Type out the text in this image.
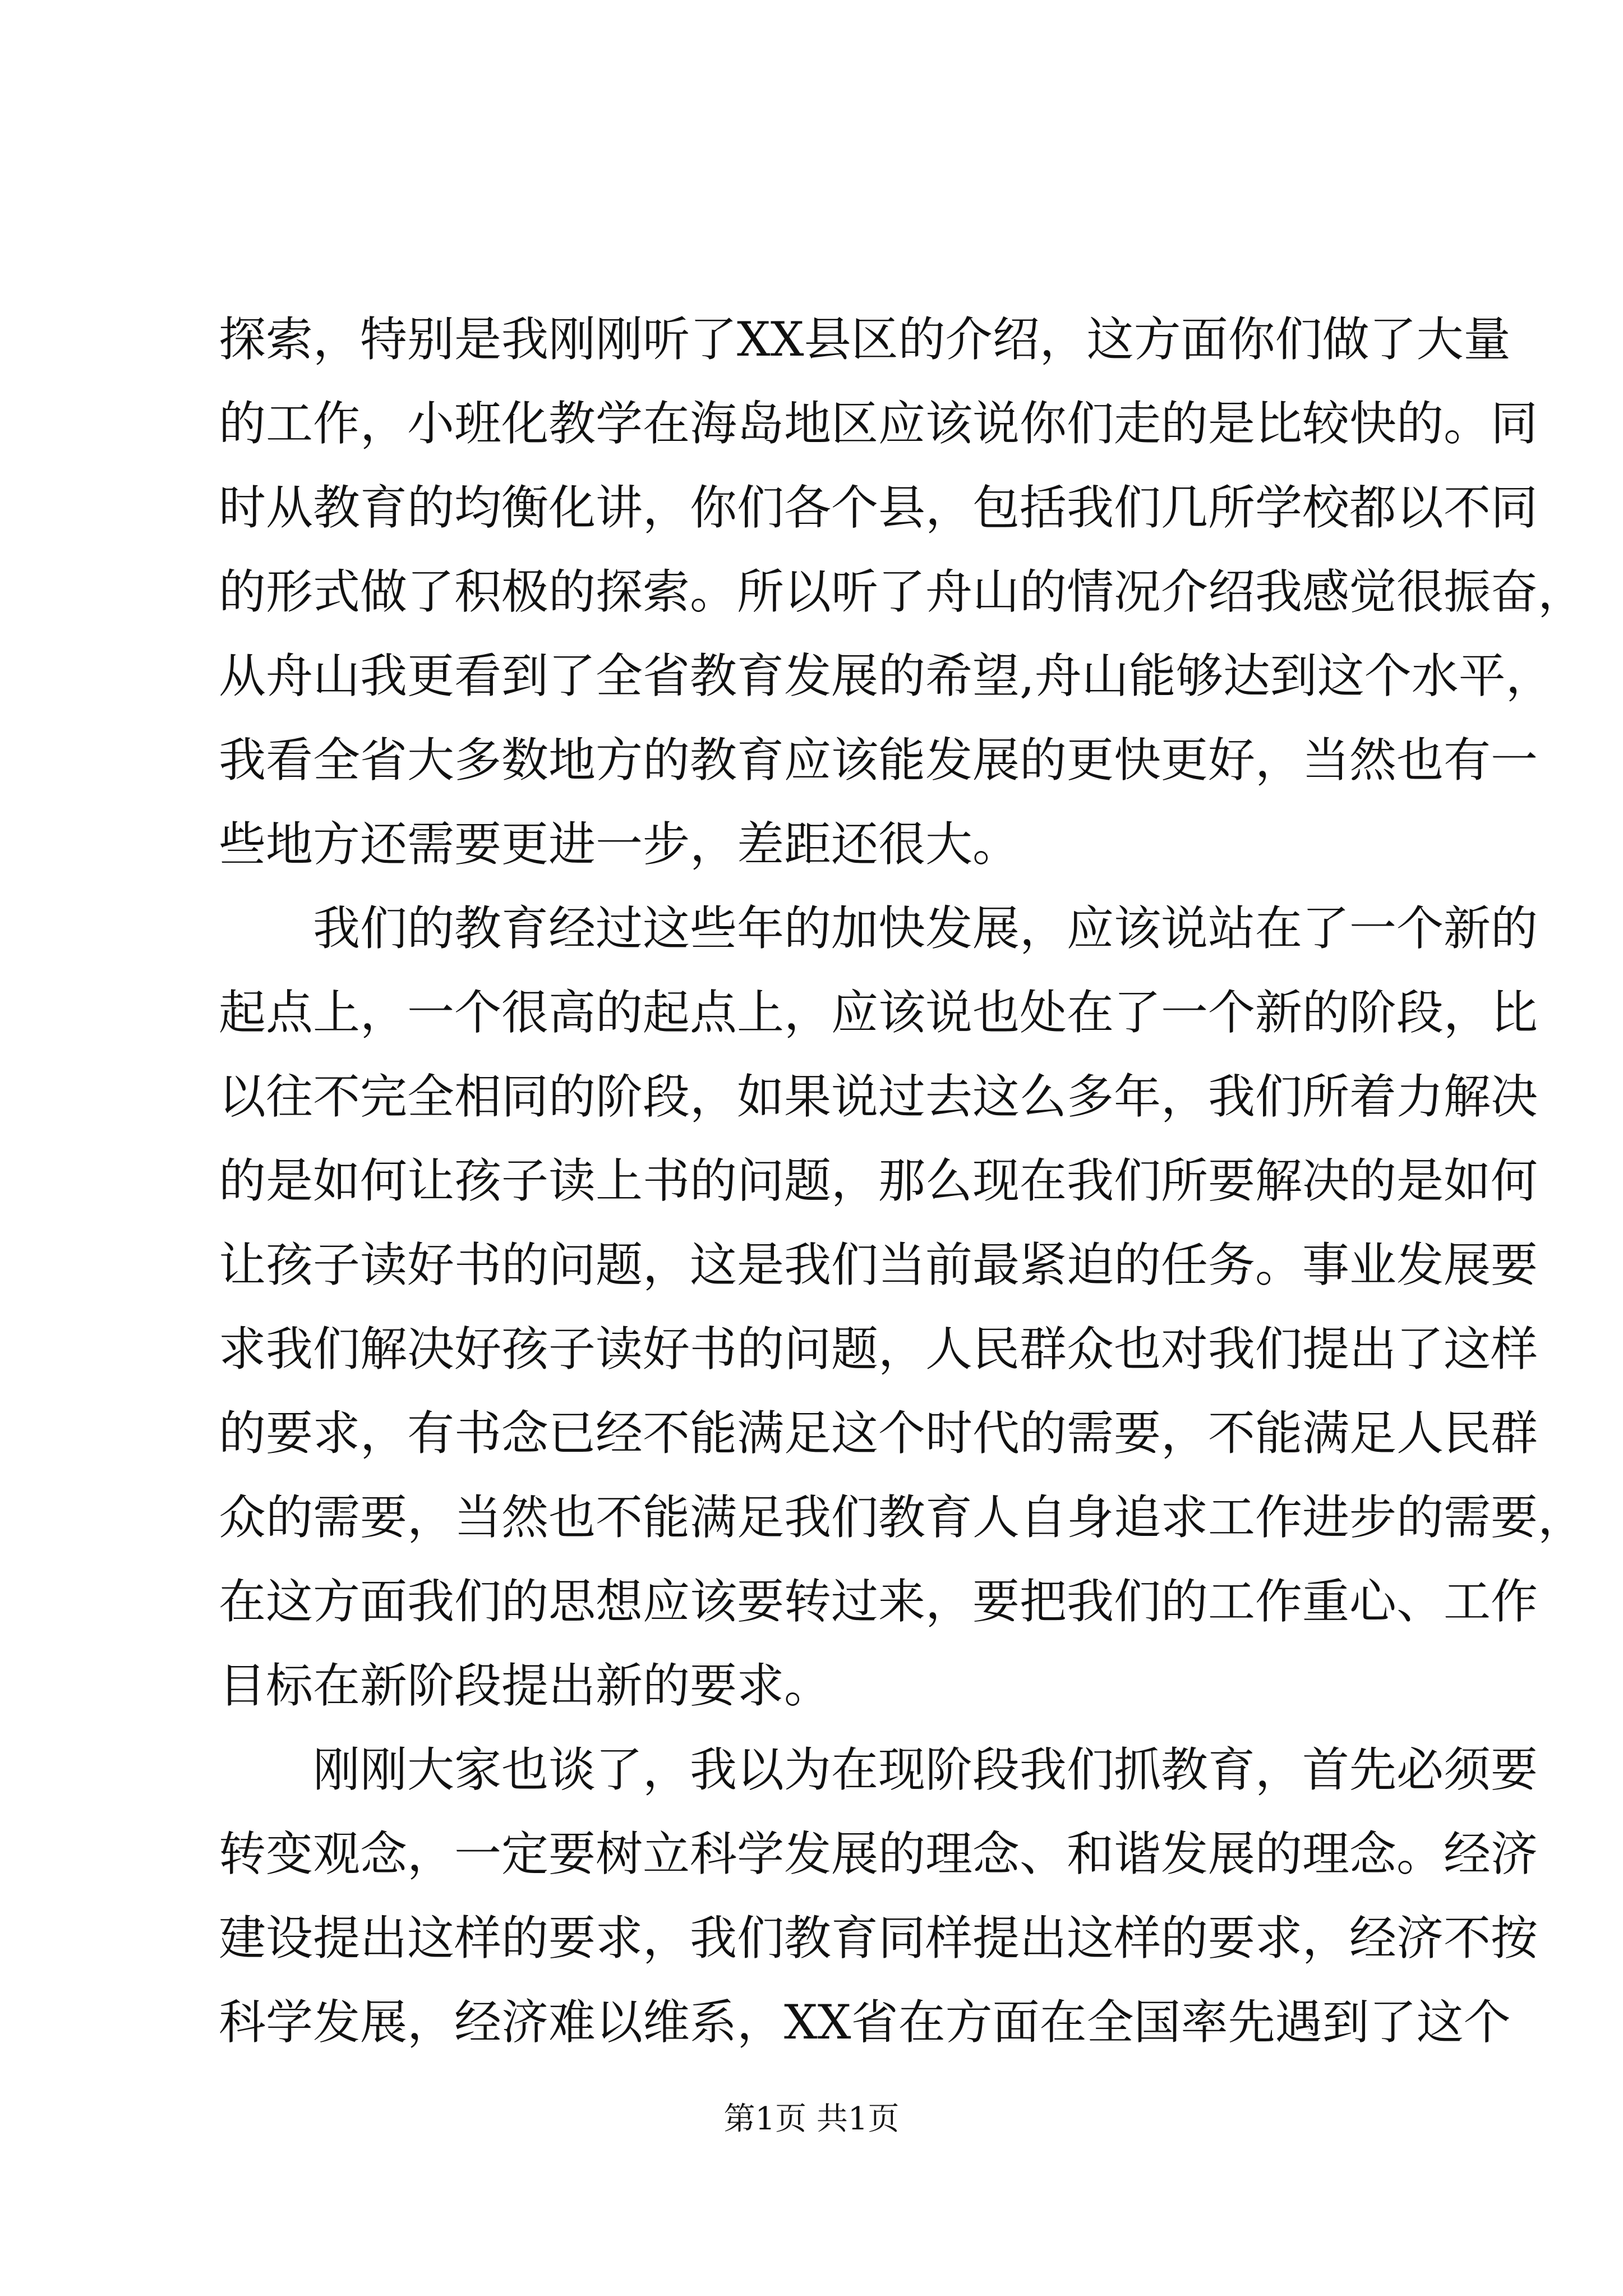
探索，特别是我刚刚听了XX县区的介绍，这方面你们做了大量
的工作，小班化教学在海岛地区应该说你们走的是比较快的。同
时从教育的均衡化讲，你们各个县，包括我们几所学校都以不同
的形式做了积极的探索。所以听了舟山的情况介绍我感觉很振奋，
从舟山我更看到了全省教育发展的希望,舟山能够达到这个水平，
我看全省大多数地方的教育应该能发展的更快更好，当然也有一
些地方还需要更进一步，差距还很大。
我们的教育经过这些年的加快发展，应该说站在了一个新的
起点上，一个很高的起点上，应该说也处在了一个新的阶段，比
以往不完全相同的阶段，如果说过去这么多年，我们所着力解决
的是如何让孩子读上书的问题，那么现在我们所要解决的是如何
让孩子读好书的问题，这是我们当前最紧迫的任务。事业发展要
求我们解决好孩子读好书的问题，人民群众也对我们提出了这样
的要求，有书念已经不能满足这个时代的需要，不能满足人民群
众的需要，当然也不能满足我们教育人自身追求工作进步的需要，
在这方面我们的思想应该要转过来，要把我们的工作重心、工作
目标在新阶段提出新的要求。
刚刚大家也谈了，我以为在现阶段我们抓教育，首先必须要
转变观念，一定要树立科学发展的理念、和谐发展的理念。经济
建设提出这样的要求，我们教育同样提出这样的要求，经济不按
科学发展，经济难以维系，XX省在方面在全国率先遇到了这个
第1页 共1页
